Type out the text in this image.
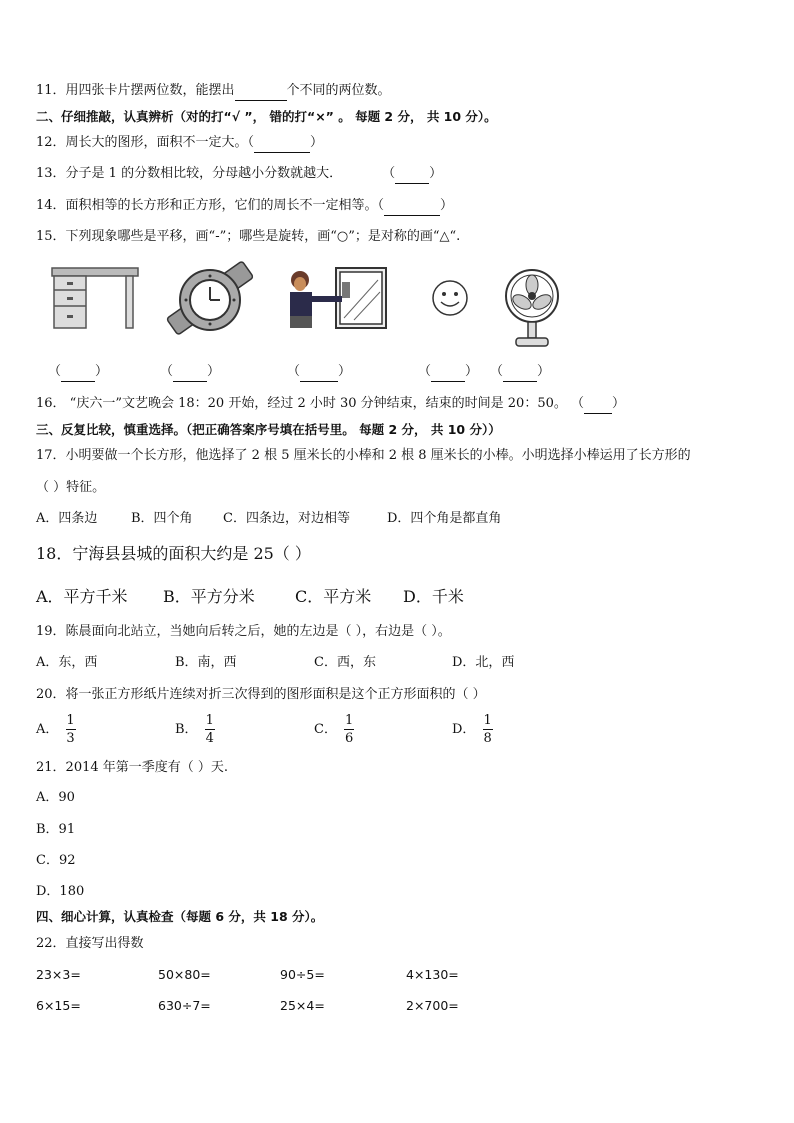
11．用四张卡片摆两位数，能摆出	个不同的两位数。
二、仔细推敲，认真辨析（对的打“√ ”， 错的打“×” 。 每题 2 分， 共 10 分）。
12．周长大的图形，面积不一定大。（	）
13．分子是 1 的分数相比较，分母越小分数就越大．	（	）
14．面积相等的长方形和正方形，它们的周长不一定相等。（	）
15．下列现象哪些是平移，画“-”；哪些是旋转，画“○”；是对称的画“△“.
（	）	（	）	（	）	（	） （	）
16． “庆六一”文艺晚会 18：20 开始，经过 2 小时 30 分钟结束，结束的时间是 20：50。 （ ）
三、反复比较，慎重选择。（把正确答案序号填在括号里。 每题 2 分， 共 10 分））
17．小明要做一个长方形，他选择了 2 根 5 厘米长的小棒和 2 根 8 厘米长的小棒。小明选择小棒运用了长方形的
（ ）特征。
A．四条边	B．四个角 C．四条边，对边相等	D．四个角是都直角
18．宁海县县城的面积大约是 25（ ）
A．平方千米 B．平方分米	C．平方米 D．千米
19．陈晨面向北站立，当她向后转之后，她的左边是（ ），右边是（ ）。
A．东，西	B．南，西	C．西，东	D．北，西
20．将一张正方形纸片连续对折三次得到的图形面积是这个正方形面积的（ ）
A． $\frac{1}{3}$	B． $\frac{1}{4}$	C． $\frac{1}{6}$	D． $\frac{1}{8}$
21．2014 年第一季度有（ ）天.
A．90
B．91
C．92
D．180
四、细心计算，认真检查（每题 6 分，共 18 分）。
22．直接写出得数
23×3=	50×80=	90÷5=	4×130=
6×15=	630÷7=	25×4=	2×700=
